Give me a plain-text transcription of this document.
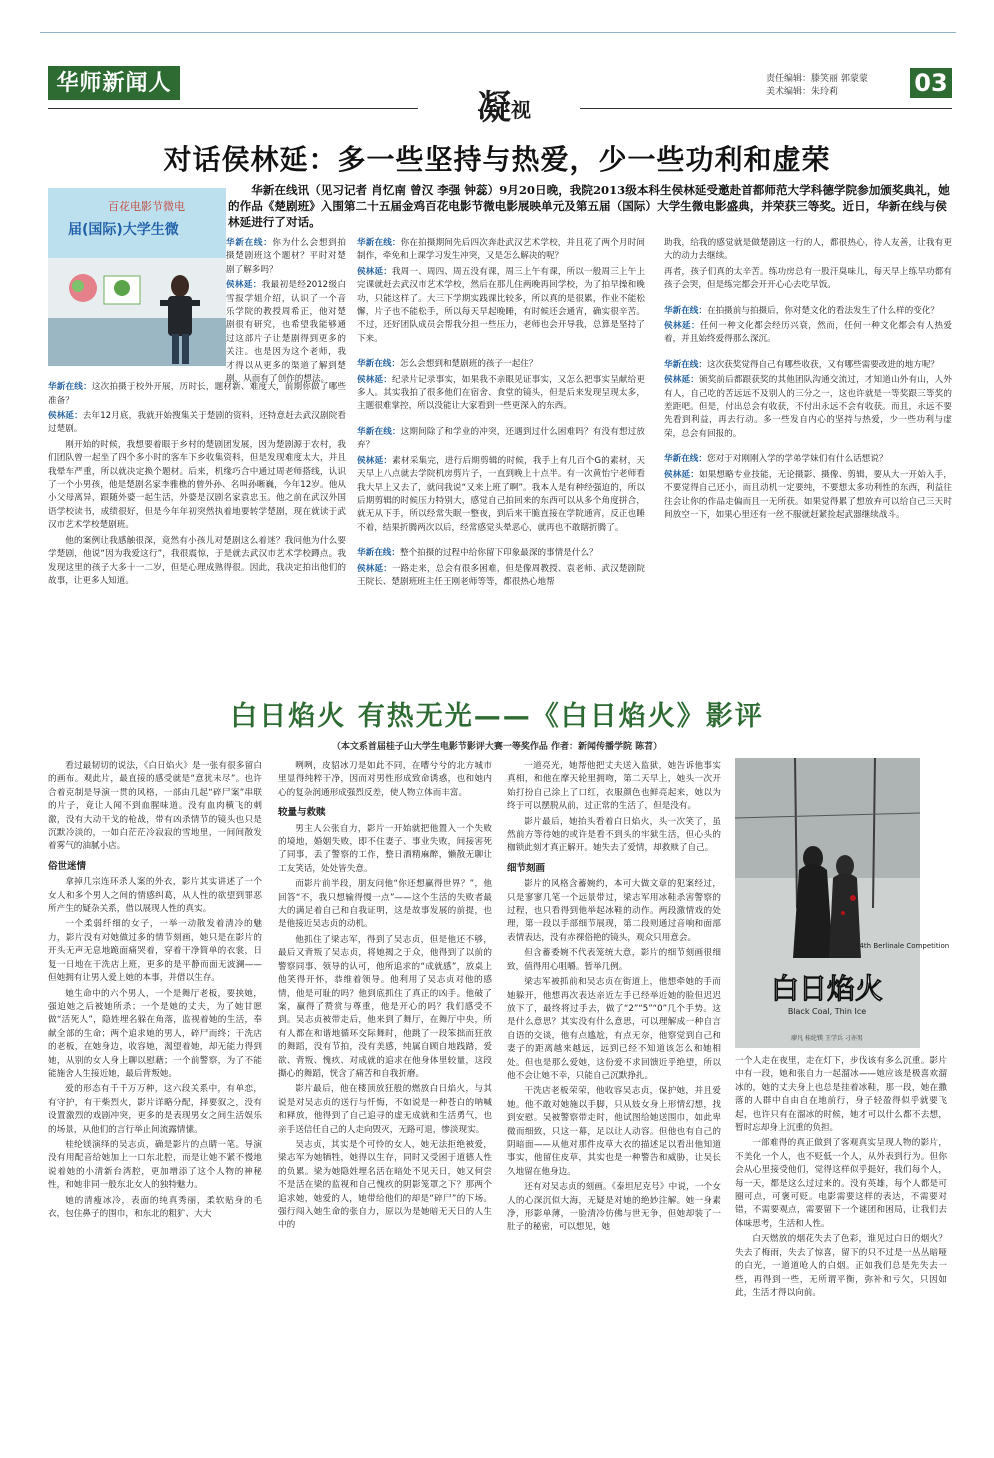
华师新闻人	责任编辑：滕笑丽 郭蒙蒙
美术编辑：朱玲莉	03
凝视
对话侯林延：多一些坚持与热爱，少一些功利和虚荣
华新在线讯（见习记者 肖忆南 曾汉 李强 钟蕊）9月20日晚，我院2013级本科生侯林延受邀赴首都师范大学科德学院参加颁奖典礼，她的作品《楚剧班》入围第二十五届金鸡百花电影节微电影展映单元及第五届（国际）大学生微电影盛典，并荣获三等奖。近日，华新在线与侯林延进行了对话。
百花电影节微电
届(国际)大学生微

华新在线：你为什么会想到拍摄楚剧班这个题材？平时对楚剧了解多吗？

侯林延：我最初是经2012级白雪报学姐介绍，认识了一个音乐学院的教授周希正，他对楚剧很有研究，也希望我能够通过这部片子让楚剧得到更多的关注。也是因为这个老师，我才得以从更多的渠道了解到楚剧，从而有了创作的想法。

华新在线：这次拍摄于校外开展，历时长，题材新、难度大，前期你做了哪些准备？

侯林延：去年12月底，我就开始搜集关于楚剧的资料，还特意赶去武汉剧院看过楚剧。

刚开始的时候，我想要着眼于乡村的楚剧团发展，因为楚剧源于农村，我们团队曾一起坐了四个多小时的客车下乡收集资料，但是发现难度太大，并且我晕车严重，所以就决定换个题材。后来，机缘巧合中通过周老师搭线，认识了一个小男孩，他是楚剧名家李雅樵的曾外孙、名叫孙晰巍，今年12岁。他从小父母离异，跟随外婆一起生活，外婆是汉剧名家袁忠玉。他之前在武汉外国语学校读书，成绩很好，但是今年年初突然执着地要转学楚剧，现在就读于武汉市艺术学校楚剧班。

他的案例让我感触很深，竟然有小孩儿对楚剧这么着迷？我问他为什么要学楚剧，他说“因为我爱这行”，我很震惊，于是就去武汉市艺术学校蹲点。我发现这里的孩子大多十一二岁，但是心理成熟得很。因此，我决定拍出他们的故事，让更多人知道。

华新在线：你在拍摄期间先后四次奔赴武汉艺术学校，并且花了两个月时间制作，牵免和上课学习发生冲突，又是怎么解决的呢？

侯林延：我周一、周四、周五没有课，周三上午有课，所以一般周三上午上完课就赶去武汉市艺术学校，然后在那儿住两晚再回学校，为了拍早操和晚功，只能这样了。大三下学期实践课比较多，所以真的是很累，作业不能松懈，片子也不能松手，所以每天早起晚睡，有时候还会通宵，确实很辛苦。不过，还好团队成员会帮我分担一些压力，老师也会开导我，总算是坚持了下来。

华新在线：怎么会想到和楚剧班的孩子一起住？

侯林延：纪录片记录事实，如果我不亲眼见证事实，又怎么把事实呈献给更多人。其实我拍了很多他们在宿舍、食堂的镜头，但是后来发现呈现太多，主题很难掌控，所以没能让大家看到一些更深入的东西。

华新在线：这期间除了和学业的冲突，还遇到过什么困难吗？有没有想过放弃？

侯林延：素材采集完，进行后期剪辑的时候，我手上有几百个G的素材，天天早上八点就去学院机房剪片子，一直到晚上十点半。有一次黄怡宁老师看我大早上又去了，就问我说“又来上班了啊”。我本人是有种经强迫的，所以后期剪辑的时候压力特别大，感觉自己拍回来的东西可以从多个角度拼合，就无从下手，所以经常失眠一整夜，到后来干脆直接在学院通宵，反正也睡不着，结果折腾两次以后，经常感觉头晕恶心，就再也不敢瞎折腾了。

华新在线：整个拍摄的过程中给你留下印象最深的事情是什么？

侯林延：一路走来，总会有很多困难，但是像周教授、袁老师、武汉楚剧院王院长、楚剧班班主任王刚老师等等，都很热心地帮

助我，给我的感觉就是做楚剧这一行的人，都很热心，待人友善，让我有更大的动力去继续。

再者，孩子们真的太辛苦。练功房总有一股汗臭味儿，每天早上练早功都有孩子会哭，但是练完都会开开心心去吃早饭。

华新在线：在拍摄前与拍摄后，你对楚文化的看法发生了什么样的变化？

侯林延：任何一种文化都会经历兴衰，然而，任何一种文化都会有人热爱着，并且始终爱得那么深沉。

华新在线：这次获奖觉得自己有哪些收获，又有哪些需要改进的地方呢？

侯林延：颁奖前后都跟获奖的其他团队沟通交流过，才知道山外有山，人外有人，自己吃的苦远远不及别人的三分之一，这也许就是一等奖跟三等奖的差距吧。但是，付出总会有收获，不付出永远不会有收获。而且，永远不要先看到利益，再去行动。多一些发自内心的坚持与热爱，少一些功利与虚荣，总会有回报的。

华新在线：您对于对刚刚入学的学弟学妹们有什么话想说？

侯林延：如果想略专业技能，无论摄影、摄像、剪辑，要从大一开始入手，不要觉得自己还小，而且动机一定要纯，不要想太多功利性的东西，利益往往会让你的作品走偏而且一无所获。如果觉得累了想放弃可以给自己三天时间放空一下，如果心里还有一丝不服就赶紧捡起武器继续战斗。

白日焰火 有热无光——《白日焰火》影评
（本文系首届桂子山大学生电影节影评大赛一等奖作品 作者：新闻传播学院 陈苕）

看过最韧切的说法，《白日焰火》是一张有很多留白的画布。观此片，最直接的感受就是“意犹未尽”。也许合着克制是导演一贯的风格，一部由几起“碎尸案”串联的片子，竟让人闻不到血腥味道。没有血肉横飞的刺激，没有大动干戈的枪战，带有凶杀情节的镜头也只是沉默冷淡的，一如白茫茫冷寂寂的雪地里，一间间散发着雾气的油腻小店。

俗世迷情

拿掉几宗连环杀人案的外衣，影片其实讲述了一个女人和多个男人之间的情感纠葛，从人性的欲望到罪恶所产生的疑杂关系，借以展现人性的真实。

一个柔弱纤细的女子，一举一动散发着清冷的魅力，影片没有对她做过多的情节刻画，她只是在影片的开头无声无息地跪面痛哭着，穿着干净简单的衣裳，日复一日地在干洗店上班，更多的是平静而面无波澜——但她拥有让男人爱上她的本事，并借以生存。

她生命中的六个男人，一个是舞厅老板，要挟她，强迫她之后被她所杀；一个是她的丈夫，为了她甘愿做“活死人”，隐姓埋名躲在角落，监视着她的生活，奉献全部的生命；两个追求她的男人，碎尸而终；干洗店的老板，在她身边，收容她，渴望着她，却无能力得到她，从别的女人身上聊以慰藉；一个前警察，为了不能能施舍人生接近她，最后背叛她。

爱的形态有千千万万种，这六段关系中，有单恋，有守护，有干柴烈火，影片详略分配，择要叙之，没有设置激烈的戏剧冲突，更多的是表现男女之间生活娱乐的场景，从他们的言行举止间流露情愫。

桂纶镁演绎的吴志贞，确是影片的点睛一笔。导演没有用配音给她加上一口东北腔，而是让她不紧不慢地说着她的小清新台湾腔，更加增添了这个人物的神秘性，和她非同一般东北女人的独特魅力。

她的清瘦冰冷，表面的纯真秀丽，柔软贴身的毛衣，包住鼻子的围巾，和东北的粗犷、大大

咧咧，皮貂冰刀是如此不同，在嘈兮兮的北方城市里显得纯粹干净，因而对男性形成致命诱惑，也和她内心的复杂润通形成强烈反差，使人物立体而丰富。

较量与救赎

男主人公张自力，影片一开始就把他置入一个失败的境地，婚姻失败，即不住妻子、事业失败，间接害死了同事，丢了警察的工作，整日酒精麻醉，懒散无聊让工友笑话，处处皆失意。

而影片前半段，朋友问他“你还想赢得世界？”，他回答“不，我只想输得慢一点”——这个生活的失败者最大的满足着自己和自我证明，这是故事发展的前提，也是他接近吴志贞的动机。

他抓住了梁志军，得到了吴志贞，但是他还不够，最后又背叛了吴志贞，将她揭之于众，他得到了以前的警察同事、领导的认可，他所追求的“成就感”，放桌上他笑得开怀，恭维着领导。他利用了吴志贞对他的感情，他是可耻的吗？他到底抓住了真正的凶手。他破了案，赢得了赞赏与尊重，他是开心的吗？我们感受不到。吴志贞被带走后，他来到了舞厅，在舞厅中央，所有人都在和谐地循环交际舞时，他跳了一段笨拙而狂放的舞蹈，没有节拍，没有美感，纯属自顾自地践踏，爱欲、背叛、愧疚、对成就的追求在他身体里较量，这段撕心的舞蹈，恍含了痛苦和自我折磨。

影片最后，他在楼顶放狂般的燃放白日焰火，与其说是对吴志贞的送行与忏悔，不如说是一种苍白的呐喊和释放，他得到了自己追寻的虚无成就和生活勇气，也亲手送信任自己的人走向毁灭，无路可退，惨淡现实。

吴志贞，其实是个可怜的女人，她无法拒绝被爱，梁志军为她牺牲，她得以生存，同时又受困于道德人性的负累。梁为她隐姓埋名活在暗处不见天日，她又何尝不是活在梁的监视和自己愧疚的阴影笼罩之下？那两个追求她，她爱的人，她带给他们的却是“碎尸”的下场。强行闯入她生命的张自力，原以为是她暗无天日的人生中的

一道亮光，她帮他把丈夫送入监狱，她告诉他事实真相，和他在摩天轮里拥吻，第二天早上，她头一次开始打扮自己涂上了口红，衣服颜色也鲜亮起来，她以为终于可以摆脱从前，过正常的生活了，但是没有。

影片最后，她抬头看着白日焰火，头一次笑了，虽然前方等待她的或许是看不到头的牢狱生活，但心头的枷锁此刻才真正解开。她失去了爱情，却救赎了自己。

细节刻画

影片的风格含蓄婉约，本可大做文章的犯案经过，只是寥寥几笔一个远景带过，梁志军用冰鞋杀害警察的过程，也只看得到他举起冰鞋的动作。两段激情戏的处理，第一段以手部细节展现，第二段则通过音响和面部表情表达，没有赤裸俗艳的镜头，观众只用意会。

但含蓄委婉不代表笼统大意，影片的细节刻画很细致，值得用心咀嚼。暂举几例。

梁志军被抓前和吴志贞在街道上，他想牵她的手而她躲开，他想再次表达亲近左手已经举近她的脸但迟迟放下了，最终将过手去，做了“2”“5”“0”几个手势。这是什么意思？其实没有什么意思，可以理解成一种自言自语的交谈，他有点尴尬，有点无奈，他察觉到自己和妻子的距离越来越远，远到已经不知道该怎么和她相处。但也是那么爱她，这份爱不求回馈近乎绝望，所以他不会让她不幸，只能自己沉默挣扎。

干洗店老板荣荣，他收容吴志贞，保护她，并且爱她。他不敢对她施以手脚，只从妓女身上形情幻想，找到安慰。吴被警察带走时，他试图给她送围巾，如此卑微而细致，只这一幕，足以让人动容。但他也有自己的阴暗面——从他对那件皮草大衣的描述足以看出他知道事实，他留住皮草，其实也是一种警告和威胁，让吴长久地留在他身边。

还有对吴志贞的刻画。《泰坦尼克号》中说，一个女人的心深沉似大海，无疑是对她的绝妙注解。她一身素净，形影单薄，一脸清冷仿佛与世无争，但她却装了一肚子的秘密，可以想见，她

64th Berlinale Competition
白日焰火
Black Coal, Thin Ice
廖凡 桂纶镁 王学兵 刁亦男

一个人走在夜里，走在灯下，步伐该有多么沉重。影片中有一段，她和张自力一起溜冰——她应该是极喜欢溜冰的，她的丈夫身上也总是挂着冰鞋，那一段，她在撒落的人群中自由自在地前行，身子轻盈得似乎就要飞起，也许只有在溜冰的时候，她才可以什么都不去想，暂时忘却身上沉重的负担。

一部难得的真正做到了客观真实呈现人物的影片，不美化一个人，也不贬低一个人，从外表到行为。但你会从心里接受他们，觉得这样似乎挺好，我们每个人，每一天，都是这么过过来的。没有英雄，每个人都是可圈可点，可褒可贬。电影需要这样的表达，不需要对错，不需要观点，需要留下一个谜团和困局，让我们去体味思考，生活和人性。

白天燃放的烟花失去了色彩，谁见过白日的烟火？失去了梅雨，失去了惊喜，留下的只不过是一丛丛暗哑的白光，一道道呛人的白烟。正如我们总是先失去一些，再得到一些，无所谓平衡，弥补和亏欠，只因如此，生活才得以向前。
